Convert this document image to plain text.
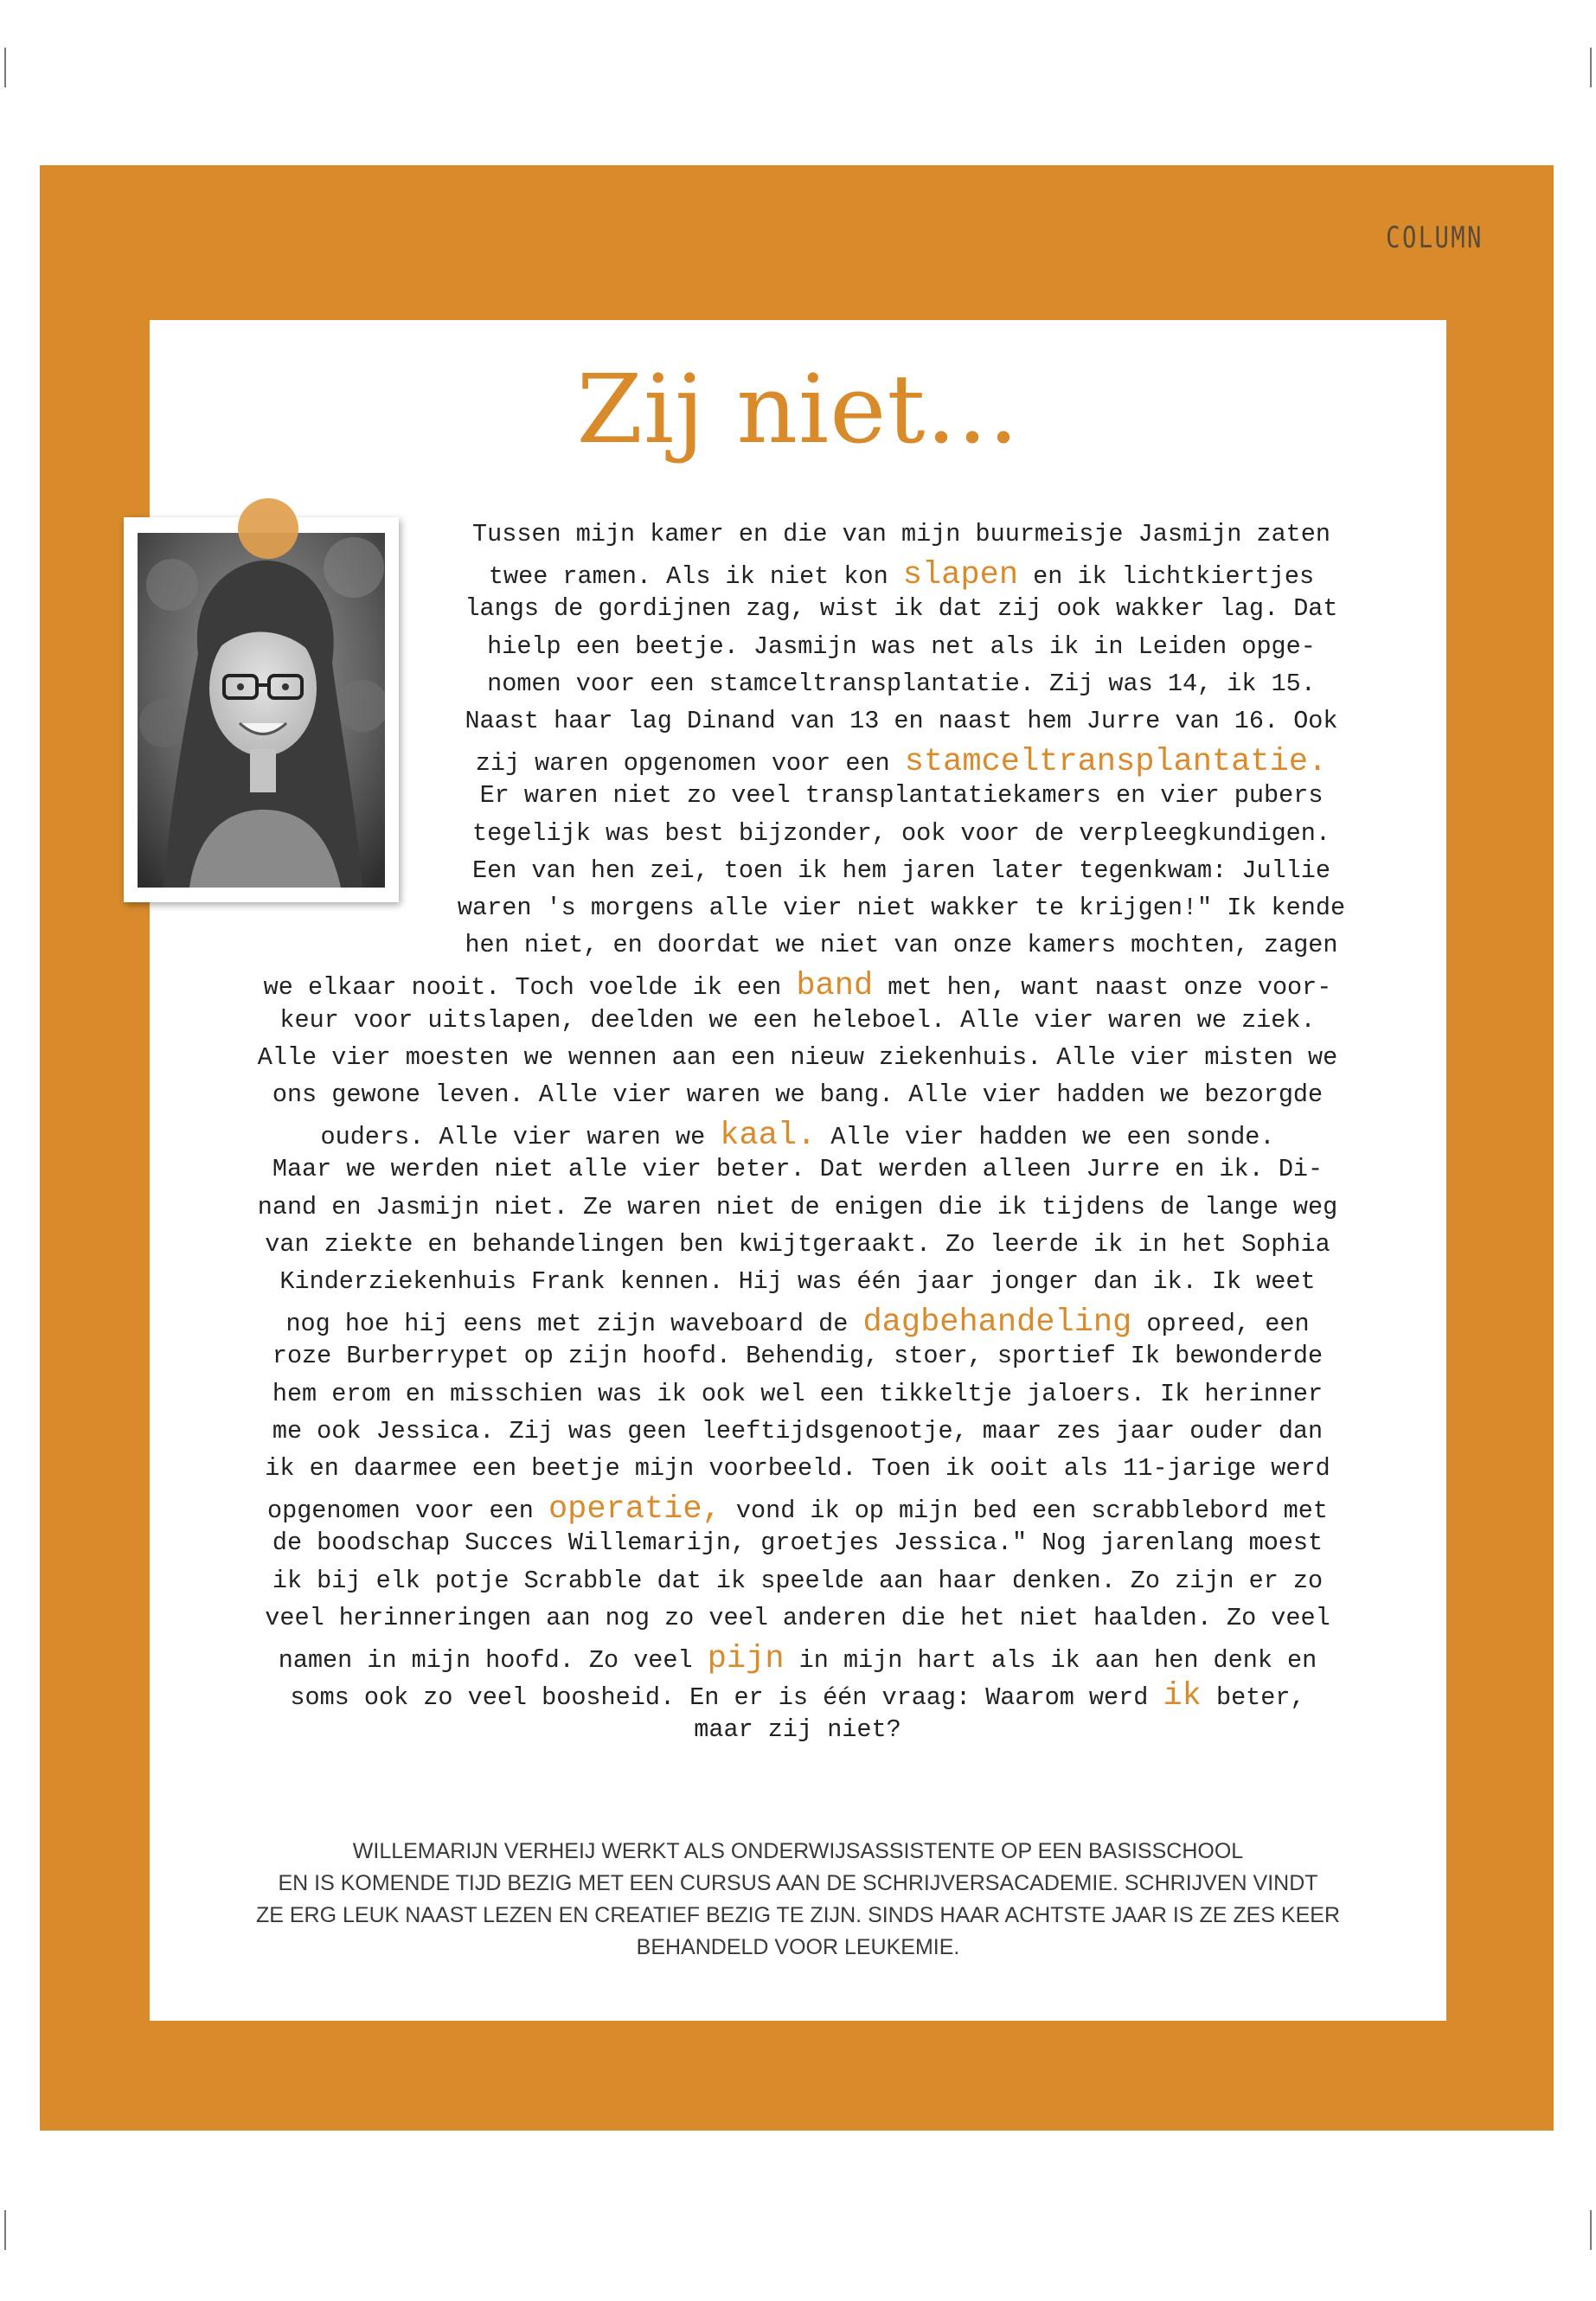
COLUMN
Zij niet...
Tussen mijn kamer en die van mijn buurmeisje Jasmijn zaten
twee ramen. Als ik niet kon slapen en ik lichtkiertjes
langs de gordijnen zag, wist ik dat zij ook wakker lag. Dat
hielp een beetje. Jasmijn was net als ik in Leiden opge-
nomen voor een stamceltransplantatie. Zij was 14, ik 15.
Naast haar lag Dinand van 13 en naast hem Jurre van 16. Ook
zij waren opgenomen voor een stamceltransplantatie.
Er waren niet zo veel transplantatiekamers en vier pubers
tegelijk was best bijzonder, ook voor de verpleegkundigen.
Een van hen zei, toen ik hem jaren later tegenkwam: Jullie
waren 's morgens alle vier niet wakker te krijgen!" Ik kende
hen niet, en doordat we niet van onze kamers mochten, zagen
we elkaar nooit. Toch voelde ik een band met hen, want naast onze voor-
keur voor uitslapen, deelden we een heleboel. Alle vier waren we ziek.
Alle vier moesten we wennen aan een nieuw ziekenhuis. Alle vier misten we
ons gewone leven. Alle vier waren we bang. Alle vier hadden we bezorgde
ouders. Alle vier waren we kaal. Alle vier hadden we een sonde.
Maar we werden niet alle vier beter. Dat werden alleen Jurre en ik. Di-
nand en Jasmijn niet. Ze waren niet de enigen die ik tijdens de lange weg
van ziekte en behandelingen ben kwijtgeraakt. Zo leerde ik in het Sophia
Kinderziekenhuis Frank kennen. Hij was één jaar jonger dan ik. Ik weet
nog hoe hij eens met zijn waveboard de dagbehandeling opreed, een
roze Burberrypet op zijn hoofd. Behendig, stoer, sportief Ik bewonderde
hem erom en misschien was ik ook wel een tikkeltje jaloers. Ik herinner
me ook Jessica. Zij was geen leeftijdsgenootje, maar zes jaar ouder dan
ik en daarmee een beetje mijn voorbeeld. Toen ik ooit als 11-jarige werd
opgenomen voor een operatie, vond ik op mijn bed een scrabblebord met
de boodschap Succes Willemarijn, groetjes Jessica." Nog jarenlang moest
ik bij elk potje Scrabble dat ik speelde aan haar denken. Zo zijn er zo
veel herinneringen aan nog zo veel anderen die het niet haalden. Zo veel
namen in mijn hoofd. Zo veel pijn in mijn hart als ik aan hen denk en
soms ook zo veel boosheid. En er is één vraag: Waarom werd ik beter,
maar zij niet?
WILLEMARIJN VERHEIJ WERKT ALS ONDERWIJSASSISTENTE OP EEN BASISSCHOOL
EN IS KOMENDE TIJD BEZIG MET EEN CURSUS AAN DE SCHRIJVERSACADEMIE. SCHRIJVEN VINDT
ZE ERG LEUK NAAST LEZEN EN CREATIEF BEZIG TE ZIJN. SINDS HAAR ACHTSTE JAAR IS ZE ZES KEER
BEHANDELD VOOR LEUKEMIE.
